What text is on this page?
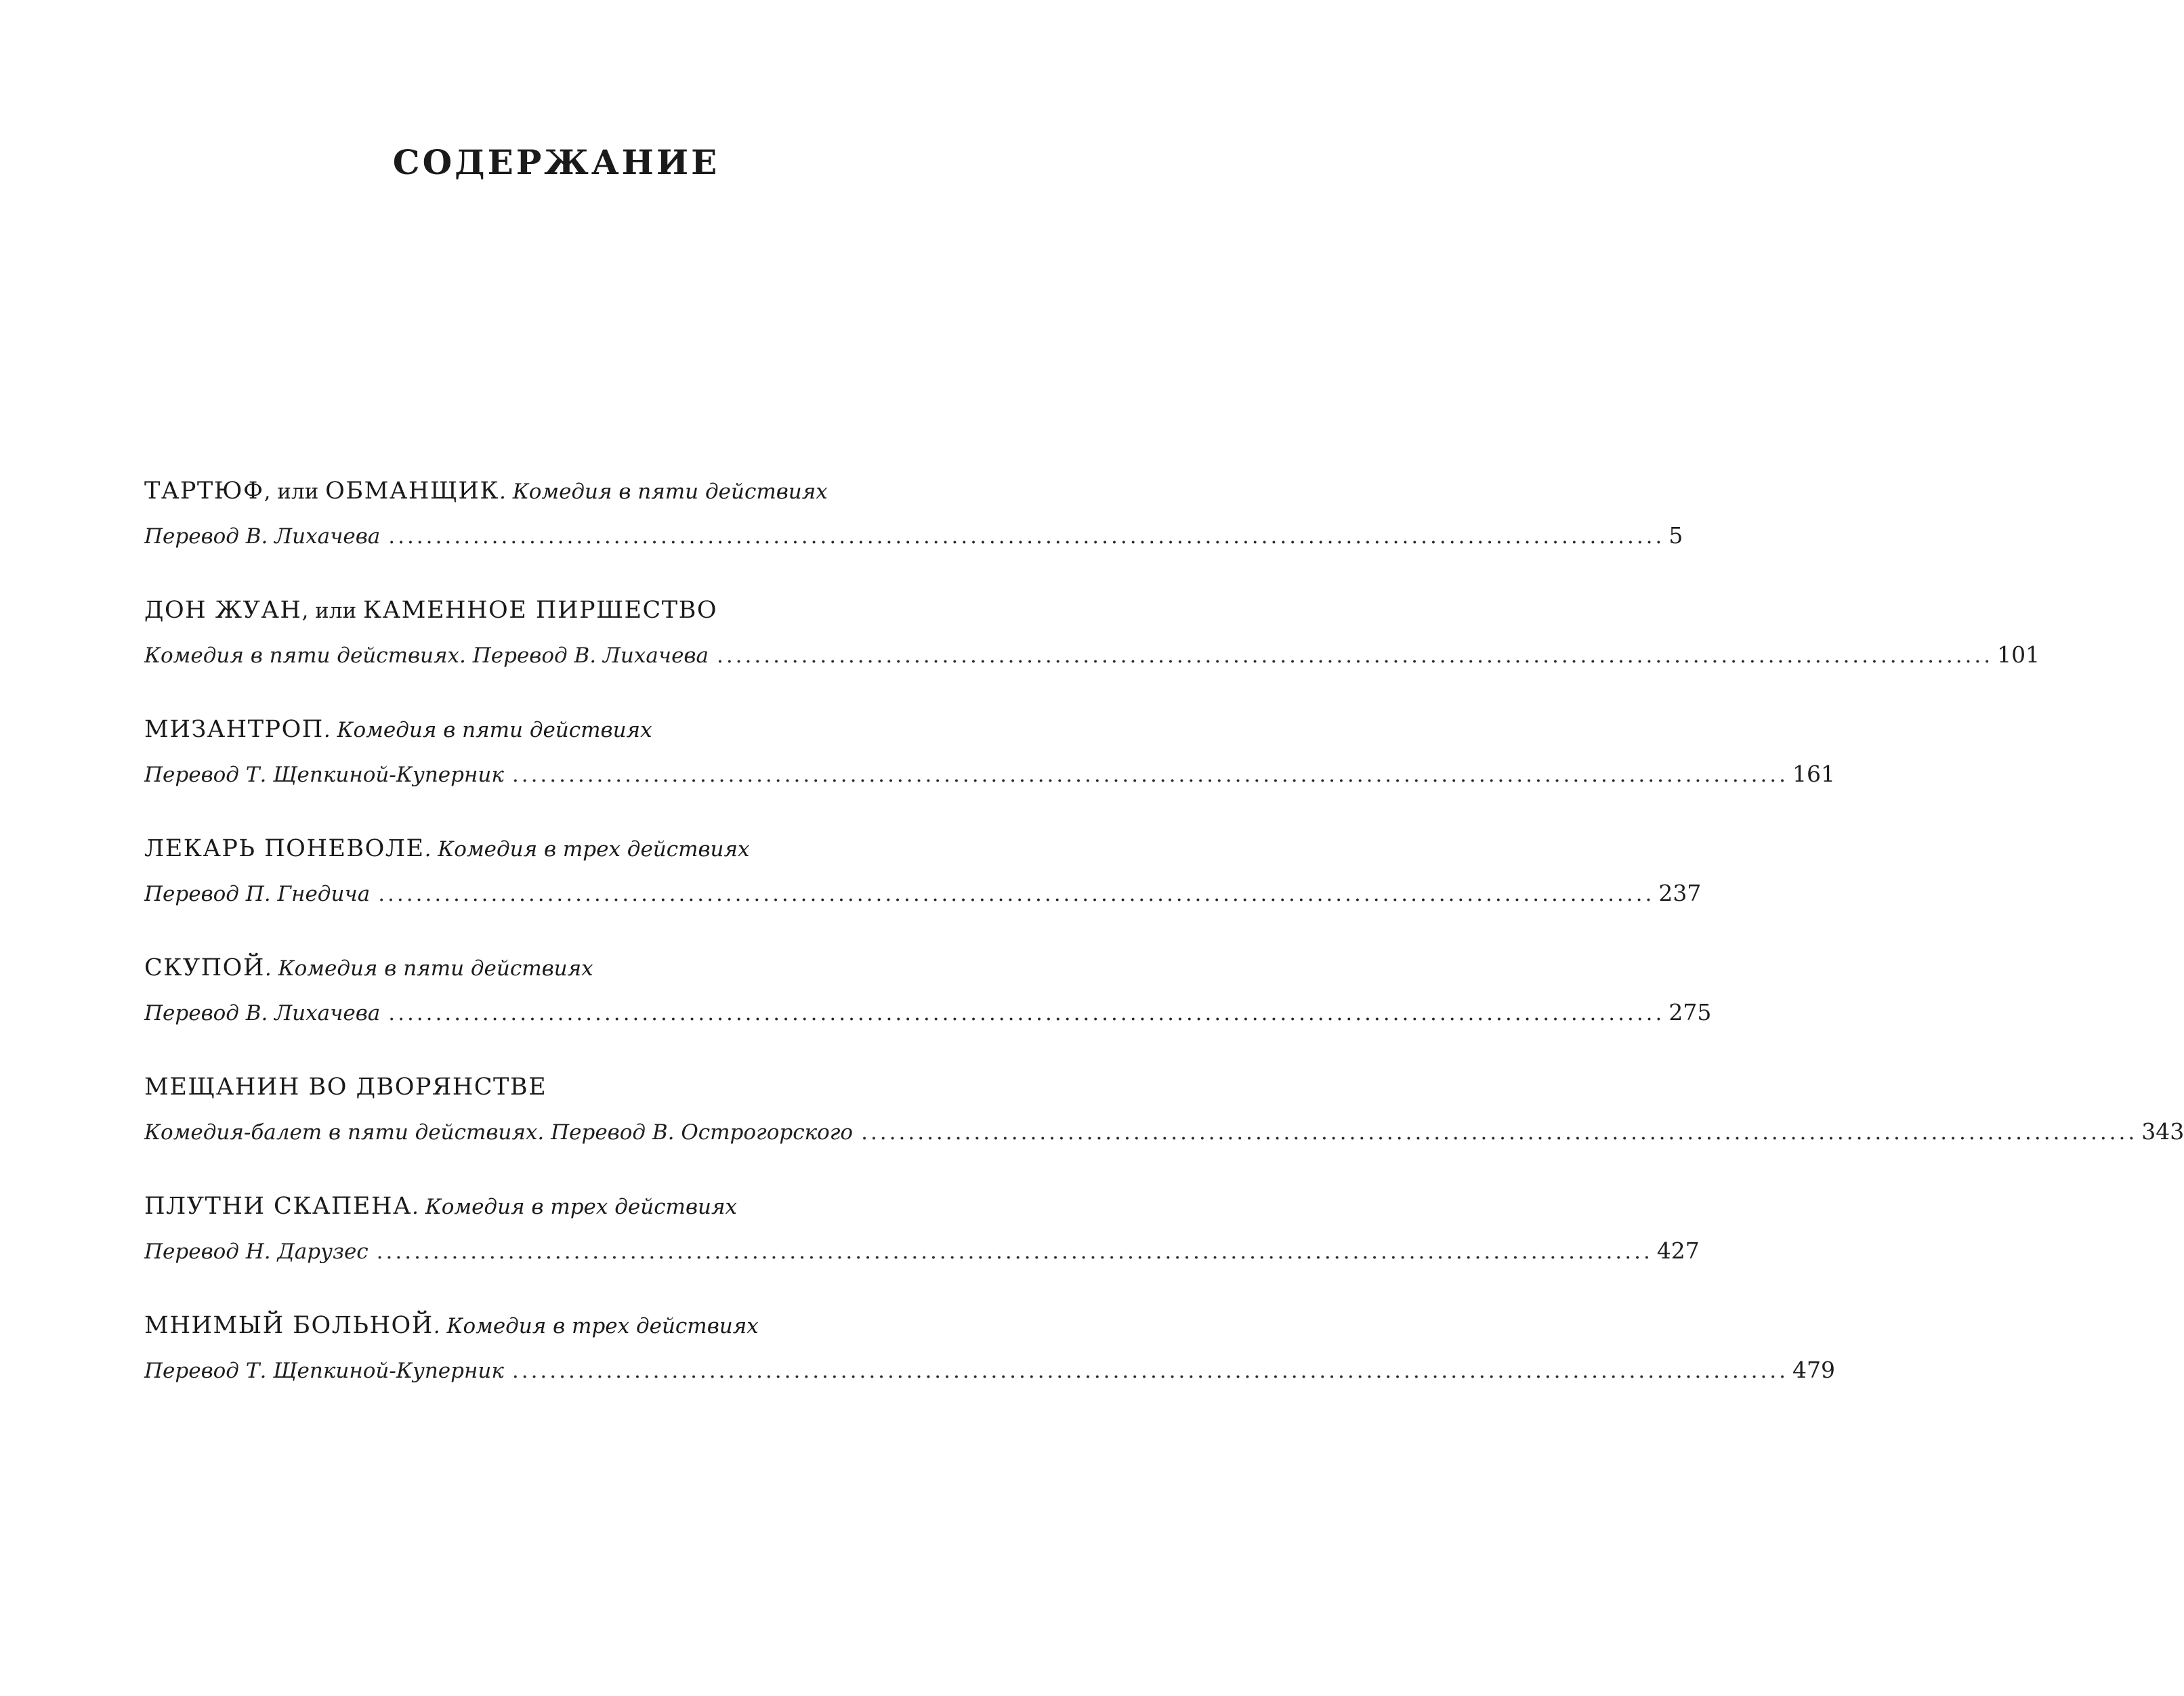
СОДЕРЖАНИЕ
ТАРТЮФ, или ОБМАНЩИК. Комедия в пяти действиях
Перевод В. Лихачева ........................................................................................................................................ 5
ДОН ЖУАН, или КАМЕННОЕ ПИРШЕСТВО
Комедия в пяти действиях. Перевод В. Лихачева ........................................................................................................................................ 101
МИЗАНТРОП. Комедия в пяти действиях
Перевод Т. Щепкиной-Куперник ........................................................................................................................................ 161
ЛЕКАРЬ ПОНЕВОЛЕ. Комедия в трех действиях
Перевод П. Гнедича ........................................................................................................................................ 237
СКУПОЙ. Комедия в пяти действиях
Перевод В. Лихачева ........................................................................................................................................ 275
МЕЩАНИН ВО ДВОРЯНСТВЕ
Комедия-балет в пяти действиях. Перевод В. Острогорского ........................................................................................................................................ 343
ПЛУТНИ СКАПЕНА. Комедия в трех действиях
Перевод Н. Дарузес ........................................................................................................................................ 427
МНИМЫЙ БОЛЬНОЙ. Комедия в трех действиях
Перевод Т. Щепкиной-Куперник ........................................................................................................................................ 479
